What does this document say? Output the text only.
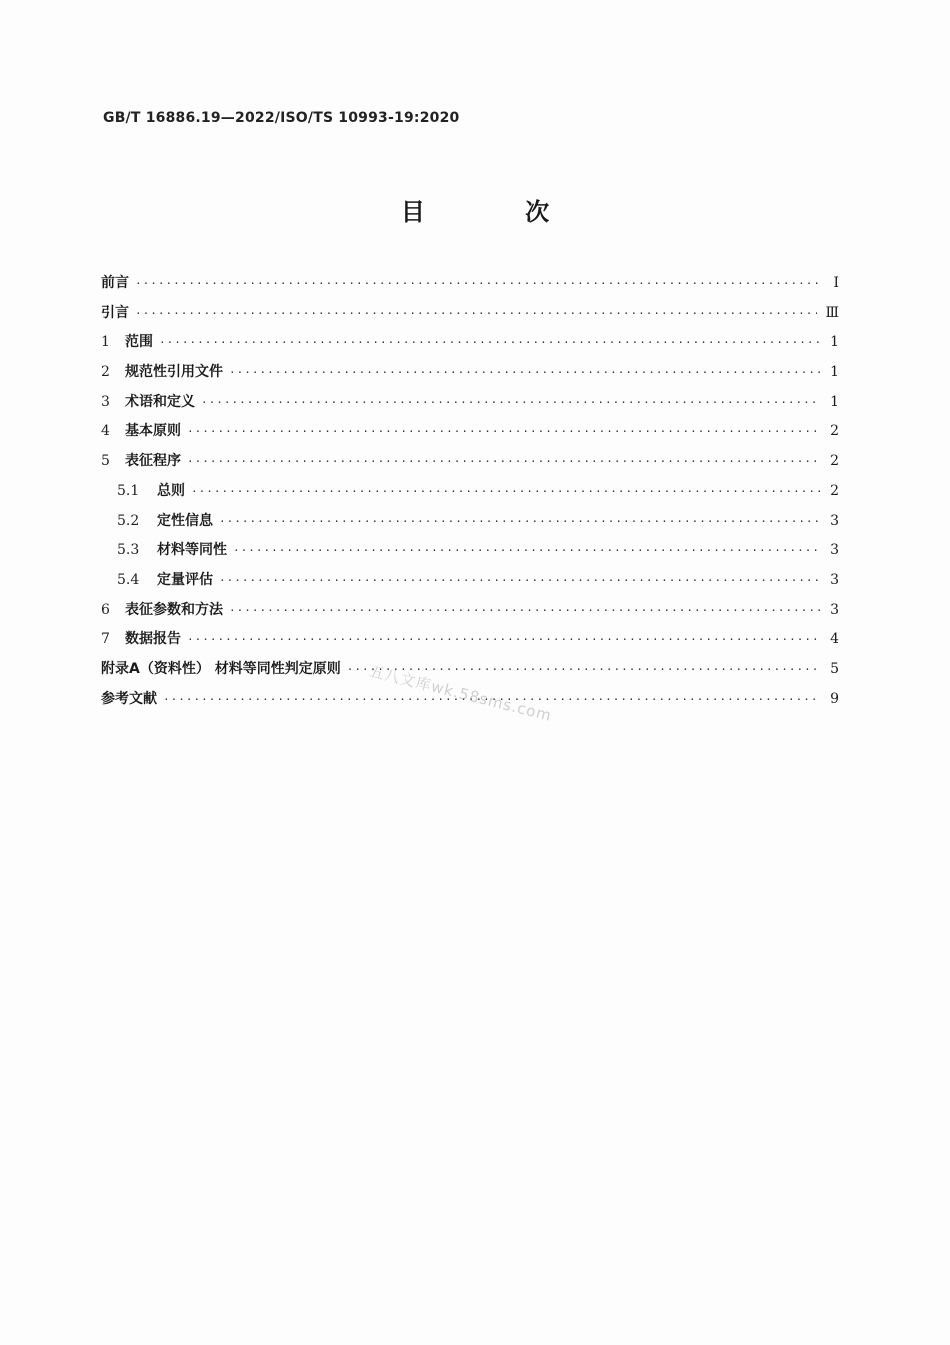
GB/T 16886.19—2022/ISO/TS 10993-19:2020
目 次
前言 ·····	Ⅰ
引言 ·····	Ⅲ
1	范围 ·····	1
2	规范性引用文件 ·····	1
3	术语和定义 ·····	1
4	基本原则 ·····	2
5	表征程序 ·····	2
5.1	总则 ·····	2
5.2	定性信息 ·····	3
5.3	材料等同性 ·····	3
5.4	定量评估 ·····	3
6	表征参数和方法 ·····	3
7	数据报告 ·····	4
附录A（资料性） 材料等同性判定原则 ·····	5
参考文献 ·····	9
五八文库wk.58sms.com
